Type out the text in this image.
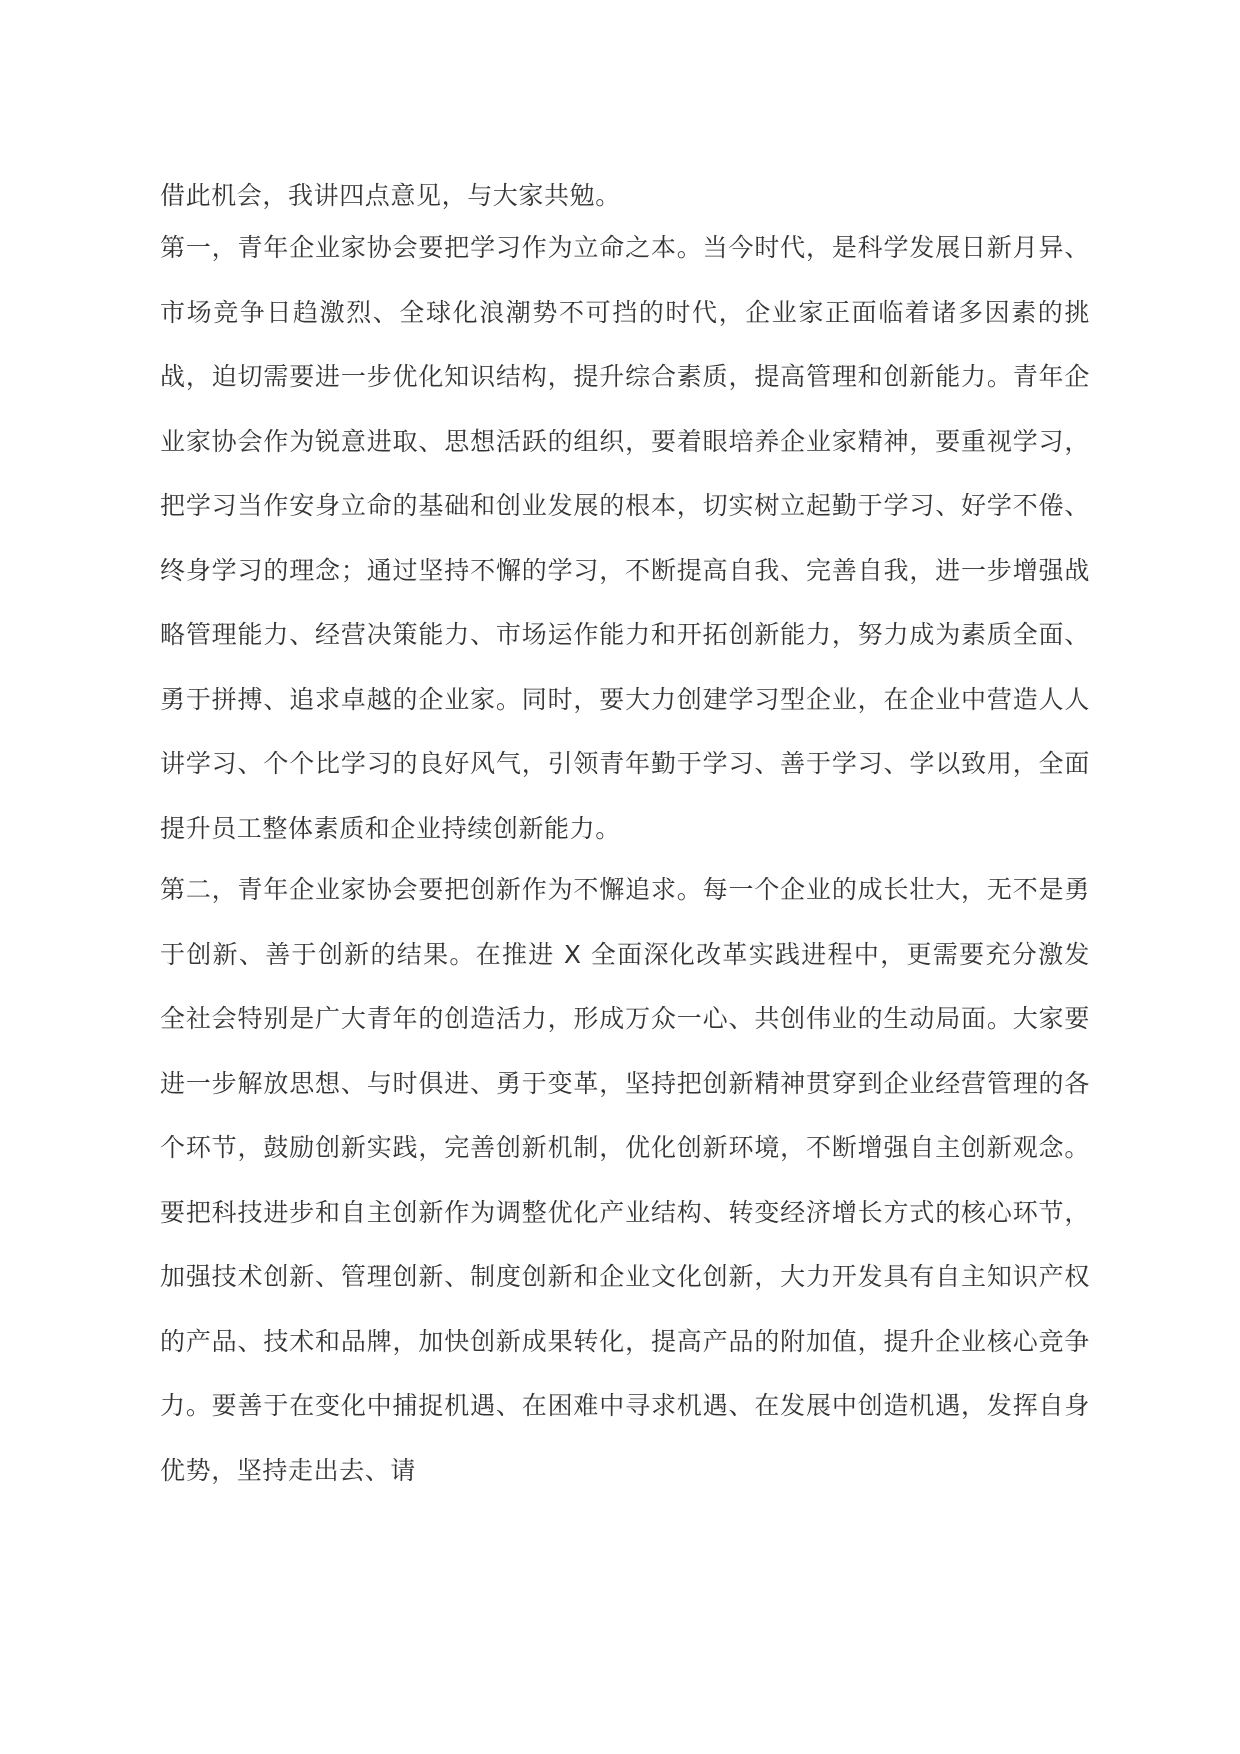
借此机会，我讲四点意见，与大家共勉。

第一，青年企业家协会要把学习作为立命之本。当今时代，是科学发展日新月异、市场竞争日趋激烈、全球化浪潮势不可挡的时代，企业家正面临着诸多因素的挑战，迫切需要进一步优化知识结构，提升综合素质，提高管理和创新能力。青年企业家协会作为锐意进取、思想活跃的组织，要着眼培养企业家精神，要重视学习，把学习当作安身立命的基础和创业发展的根本，切实树立起勤于学习、好学不倦、终身学习的理念；通过坚持不懈的学习，不断提高自我、完善自我，进一步增强战略管理能力、经营决策能力、市场运作能力和开拓创新能力，努力成为素质全面、勇于拼搏、追求卓越的企业家。同时，要大力创建学习型企业，在企业中营造人人讲学习、个个比学习的良好风气，引领青年勤于学习、善于学习、学以致用，全面提升员工整体素质和企业持续创新能力。

第二，青年企业家协会要把创新作为不懈追求。每一个企业的成长壮大，无不是勇于创新、善于创新的结果。在推进 X 全面深化改革实践进程中，更需要充分激发全社会特别是广大青年的创造活力，形成万众一心、共创伟业的生动局面。大家要进一步解放思想、与时俱进、勇于变革，坚持把创新精神贯穿到企业经营管理的各个环节，鼓励创新实践，完善创新机制，优化创新环境，不断增强自主创新观念。要把科技进步和自主创新作为调整优化产业结构、转变经济增长方式的核心环节，加强技术创新、管理创新、制度创新和企业文化创新，大力开发具有自主知识产权的产品、技术和品牌，加快创新成果转化，提高产品的附加值，提升企业核心竞争力。要善于在变化中捕捉机遇、在困难中寻求机遇、在发展中创造机遇，发挥自身优势，坚持走出去、请
